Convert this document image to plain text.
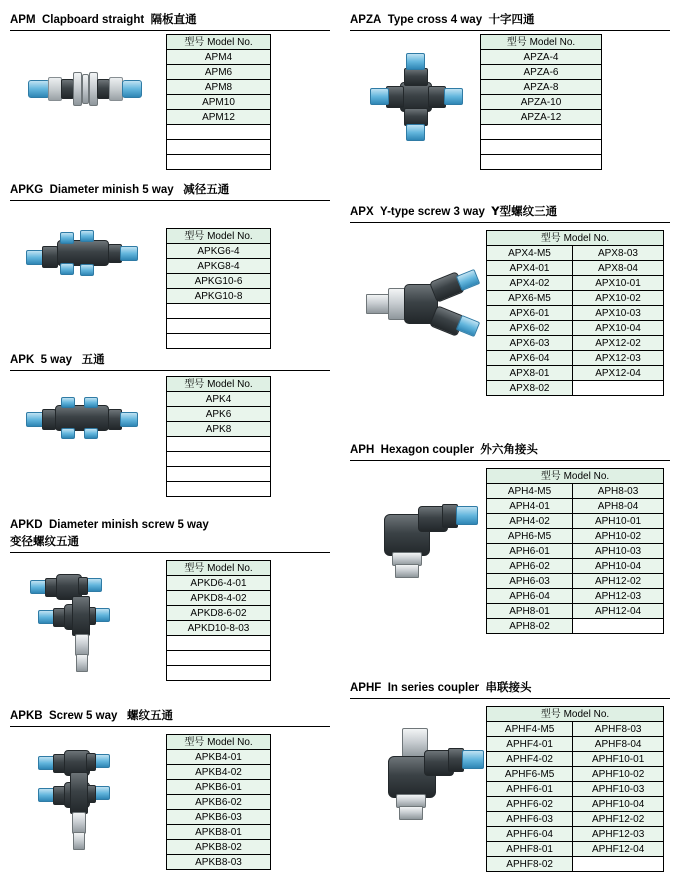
APM Clapboard straight 隔板直通
型号 Model No.
APM4
APM6
APM8
APM10
APM12

APKG Diameter minish 5 way 减径五通
型号 Model No.
APKG6-4
APKG8-4
APKG10-6
APKG10-8

APK 5 way 五通
型号 Model No.
APK4
APK6
APK8

APKD Diameter minish screw 5 way
变径螺纹五通
型号 Model No.
APKD6-4-01
APKD8-4-02
APKD8-6-02
APKD10-8-03

APKB Screw 5 way 螺纹五通
型号 Model No.
APKB4-01
APKB4-02
APKB6-01
APKB6-02
APKB6-03
APKB8-01
APKB8-02
APKB8-03
APZA Type cross 4 way 十字四通
型号 Model No.
APZA-4
APZA-6
APZA-8
APZA-10
APZA-12

APX Y-type screw 3 way Y型螺纹三通
型号 Model No.	
APX4-M5	APX8-03
APX4-01	APX8-04
APX4-02	APX10-01
APX6-M5	APX10-02
APX6-01	APX10-03
APX6-02	APX10-04
APX6-03	APX12-02
APX6-04	APX12-03
APX8-01	APX12-04
APX8-02	
APH Hexagon coupler 外六角接头
型号 Model No.	
APH4-M5	APH8-03
APH4-01	APH8-04
APH4-02	APH10-01
APH6-M5	APH10-02
APH6-01	APH10-03
APH6-02	APH10-04
APH6-03	APH12-02
APH6-04	APH12-03
APH8-01	APH12-04
APH8-02	
APHF In series coupler 串联接头
型号 Model No.	
APHF4-M5	APHF8-03
APHF4-01	APHF8-04
APHF4-02	APHF10-01
APHF6-M5	APHF10-02
APHF6-01	APHF10-03
APHF6-02	APHF10-04
APHF6-03	APHF12-02
APHF6-04	APHF12-03
APHF8-01	APHF12-04
APHF8-02	
